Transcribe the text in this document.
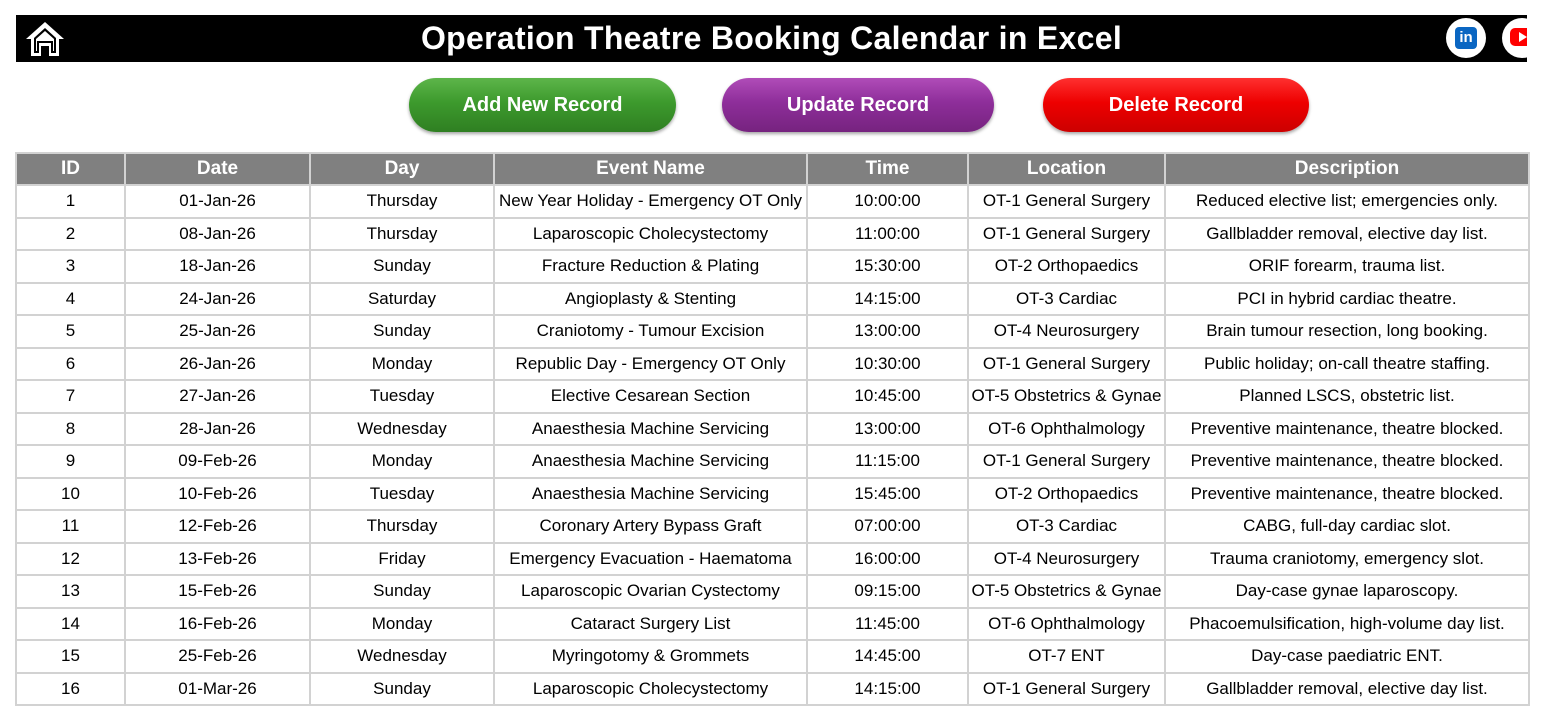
Operation Theatre Booking Calendar in Excel	in
Add New Record	Update Record	Delete Record
ID	Date	Day	Event Name	Time	Location	Description
1	01-Jan-26	Thursday	New Year Holiday - Emergency OT Only	10:00:00	OT-1 General Surgery	Reduced elective list; emergencies only.
2	08-Jan-26	Thursday	Laparoscopic Cholecystectomy	11:00:00	OT-1 General Surgery	Gallbladder removal, elective day list.
3	18-Jan-26	Sunday	Fracture Reduction & Plating	15:30:00	OT-2 Orthopaedics	ORIF forearm, trauma list.
4	24-Jan-26	Saturday	Angioplasty & Stenting	14:15:00	OT-3 Cardiac	PCI in hybrid cardiac theatre.
5	25-Jan-26	Sunday	Craniotomy - Tumour Excision	13:00:00	OT-4 Neurosurgery	Brain tumour resection, long booking.
6	26-Jan-26	Monday	Republic Day - Emergency OT Only	10:30:00	OT-1 General Surgery	Public holiday; on-call theatre staffing.
7	27-Jan-26	Tuesday	Elective Cesarean Section	10:45:00	OT-5 Obstetrics & Gynae	Planned LSCS, obstetric list.
8	28-Jan-26	Wednesday	Anaesthesia Machine Servicing	13:00:00	OT-6 Ophthalmology	Preventive maintenance, theatre blocked.
9	09-Feb-26	Monday	Anaesthesia Machine Servicing	11:15:00	OT-1 General Surgery	Preventive maintenance, theatre blocked.
10	10-Feb-26	Tuesday	Anaesthesia Machine Servicing	15:45:00	OT-2 Orthopaedics	Preventive maintenance, theatre blocked.
11	12-Feb-26	Thursday	Coronary Artery Bypass Graft	07:00:00	OT-3 Cardiac	CABG, full-day cardiac slot.
12	13-Feb-26	Friday	Emergency Evacuation - Haematoma	16:00:00	OT-4 Neurosurgery	Trauma craniotomy, emergency slot.
13	15-Feb-26	Sunday	Laparoscopic Ovarian Cystectomy	09:15:00	OT-5 Obstetrics & Gynae	Day-case gynae laparoscopy.
14	16-Feb-26	Monday	Cataract Surgery List	11:45:00	OT-6 Ophthalmology	Phacoemulsification, high-volume day list.
15	25-Feb-26	Wednesday	Myringotomy & Grommets	14:45:00	OT-7 ENT	Day-case paediatric ENT.
16	01-Mar-26	Sunday	Laparoscopic Cholecystectomy	14:15:00	OT-1 General Surgery	Gallbladder removal, elective day list.
